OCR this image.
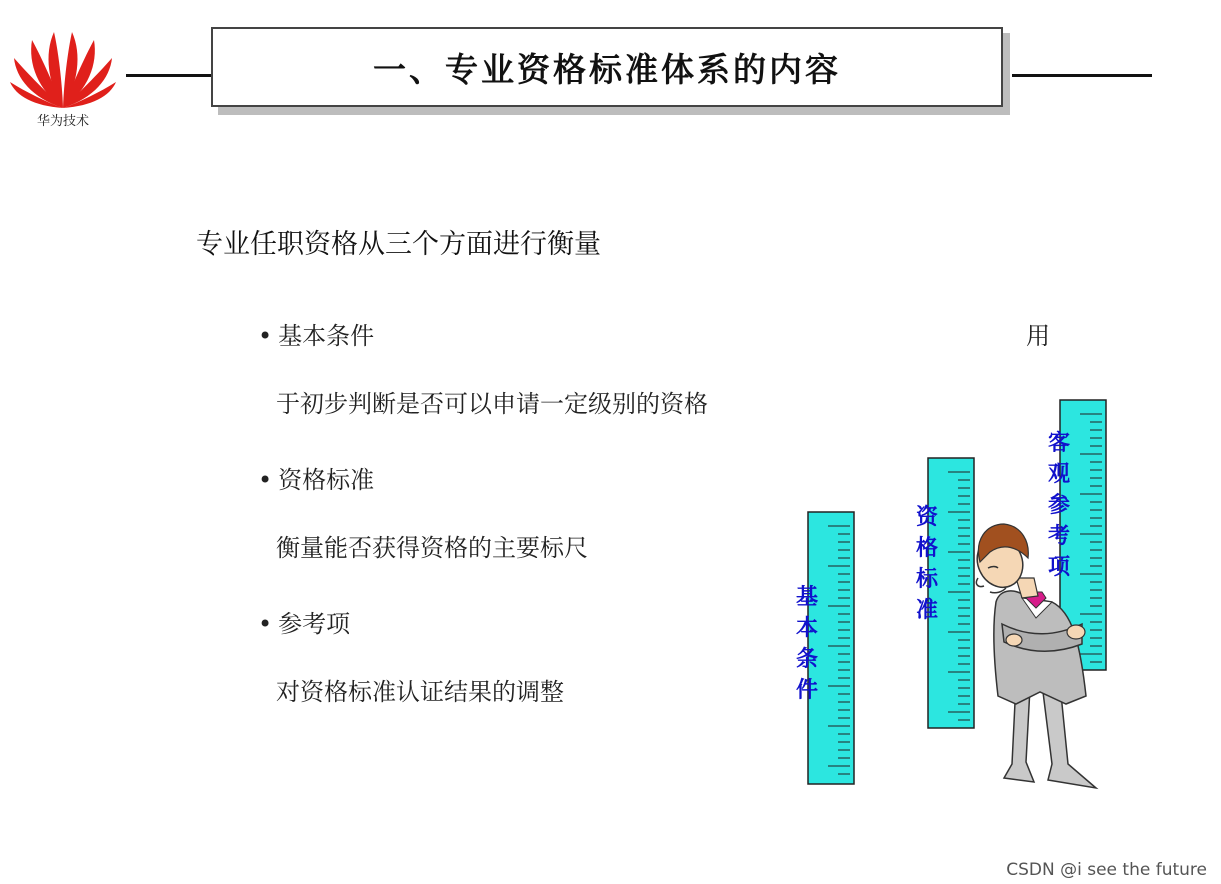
华为技术
一、专业资格标准体系的内容
专业任职资格从三个方面进行衡量
• 基本条件	用
于初步判断是否可以申请一定级别的资格
• 资格标准
衡量能否获得资格的主要标尺
• 参考项
对资格标准认证结果的调整
客
观
参
考
项
资
格
标
准
基
本
条
件
CSDN @i see the future
